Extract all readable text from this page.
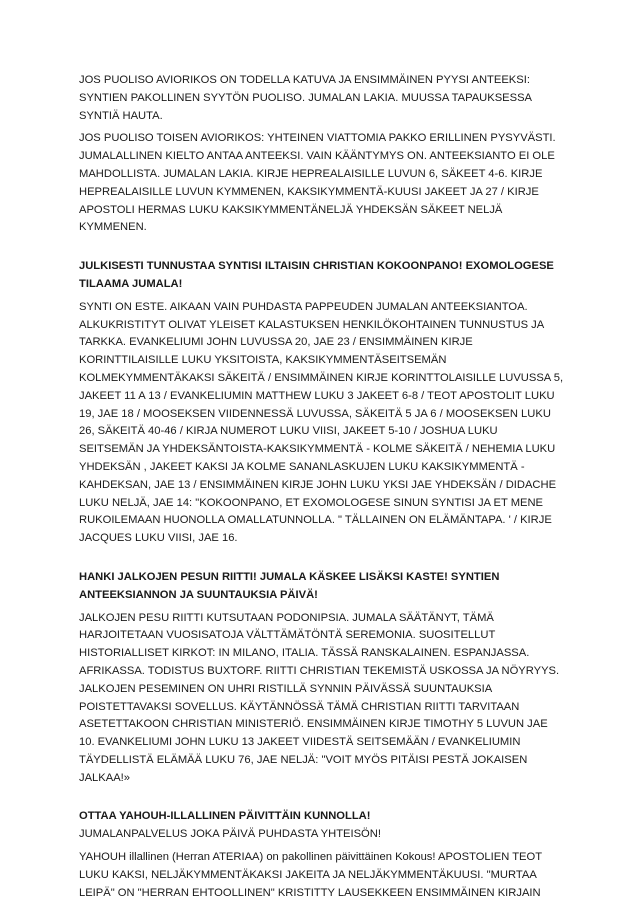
JOS PUOLISO AVIORIKOS ON TODELLA KATUVA JA ENSIMMÄINEN PYYSI ANTEEKSI: SYNTIEN PAKOLLINEN SYYTÖN PUOLISO. JUMALAN LAKIA. MUUSSA TAPAUKSESSA SYNTIÄ HAUTA.

JOS PUOLISO TOISEN AVIORIKOS: YHTEINEN VIATTOMIA PAKKO ERILLINEN PYSYVÄSTI. JUMALALLINEN KIELTO ANTAA ANTEEKSI. VAIN KÄÄNTYMYS ON. ANTEEKSIANTO EI OLE MAHDOLLISTA. JUMALAN LAKIA. KIRJE HEPREALAISILLE LUVUN 6, SÄKEET 4-6. KIRJE HEPREALAISILLE LUVUN KYMMENEN, KAKSIKYMMENTÄ-KUUSI JAKEET JA 27 / KIRJE APOSTOLI HERMAS LUKU KAKSIKYMMENTÄNELJÄ YHDEKSÄN SÄKEET NELJÄ KYMMENEN.

JULKISESTI TUNNUSTAA SYNTISI ILTAISIN CHRISTIAN KOKOONPANO! EXOMOLOGESE TILAAMA JUMALA!

SYNTI ON ESTE. AIKAAN VAIN PUHDASTA PAPPEUDEN JUMALAN ANTEEKSIANTOA. ALKUKRISTITYT OLIVAT YLEISET KALASTUKSEN HENKILÖKOHTAINEN TUNNUSTUS JA TARKKA. EVANKELIUMI JOHN LUVUSSA 20, JAE 23 / ENSIMMÄINEN KIRJE KORINTTILAISILLE LUKU YKSITOISTA, KAKSIKYMMENTÄSEITSEMÄN KOLMEKYMMENTÄKAKSI SÄKEITÄ / ENSIMMÄINEN KIRJE KORINTTOLAISILLE LUVUSSA 5, JAKEET 11 A 13 / EVANKELIUMIN MATTHEW LUKU 3 JAKEET 6-8 / TEOT APOSTOLIT LUKU 19, JAE 18 / MOOSEKSEN VIIDENNESSÄ LUVUSSA, SÄKEITÄ 5 JA 6 / MOOSEKSEN LUKU 26, SÄKEITÄ 40-46 / KIRJA NUMEROT LUKU VIISI, JAKEET 5-10 / JOSHUA LUKU SEITSEMÄN JA YHDEKSÄNTOISTA-KAKSIKYMMENTÄ - KOLME SÄKEITÄ / NEHEMIA LUKU YHDEKSÄN , JAKEET KAKSI JA KOLME SANANLASKUJEN LUKU KAKSIKYMMENTÄ - KAHDEKSAN, JAE 13 / ENSIMMÄINEN KIRJE JOHN LUKU YKSI JAE YHDEKSÄN / DIDACHE LUKU NELJÄ, JAE 14: "KOKOONPANO, ET EXOMOLOGESE SINUN SYNTISI JA ET MENE RUKOILEMAAN HUONOLLA OMALLATUNNOLLA. " TÄLLAINEN ON ELÄMÄNTAPA. ' / KIRJE JACQUES LUKU VIISI, JAE 16.

HANKI JALKOJEN PESUN RIITTI! JUMALA KÄSKEE LISÄKSI KASTE! SYNTIEN ANTEEKSIANNON JA SUUNTAUKSIA PÄIVÄ!

JALKOJEN PESU RIITTI KUTSUTAAN PODONIPSIA. JUMALA SÄÄTÄNYT, TÄMÄ HARJOITETAAN VUOSISATOJA VÄLTTÄMÄTÖNTÄ SEREMONIA. SUOSITELLUT HISTORIALLISET KIRKOT: IN MILANO, ITALIA. TÄSSÄ RANSKALAINEN. ESPANJASSA. AFRIKASSA. TODISTUS BUXTORF. RIITTI CHRISTIAN TEKEMISTÄ USKOSSA JA NÖYRYYS. JALKOJEN PESEMINEN ON UHRI RISTILLÄ SYNNIN PÄIVÄSSÄ SUUNTAUKSIA POISTETTAVAKSI SOVELLUS. KÄYTÄNNÖSSÄ TÄMÄ CHRISTIAN RIITTI TARVITAAN ASETETTAKOON CHRISTIAN MINISTERIÖ. ENSIMMÄINEN KIRJE TIMOTHY 5 LUVUN JAE 10. EVANKELIUMI JOHN LUKU 13 JAKEET VIIDESTÄ SEITSEMÄÄN / EVANKELIUMIN TÄYDELLISTÄ ELÄMÄÄ LUKU 76, JAE NELJÄ: "VOIT MYÖS PITÄISI PESTÄ JOKAISEN JALKAA!»

OTTAA YAHOUH-ILLALLINEN PÄIVITTÄIN KUNNOLLA!

JUMALANPALVELUS JOKA PÄIVÄ PUHDASTA YHTEISÖN!

YAHOUH illallinen (Herran ATERIAA) on pakollinen päivittäinen Kokous! APOSTOLIEN TEOT LUKU KAKSI, NELJÄKYMMENTÄKAKSI JAKEITA JA NELJÄKYMMENTÄKUUSI. "MURTAA LEIPÄ" ON "HERRAN EHTOOLLINEN" KRISTITTY LAUSEKKEEN ENSIMMÄINEN KIRJAIN
